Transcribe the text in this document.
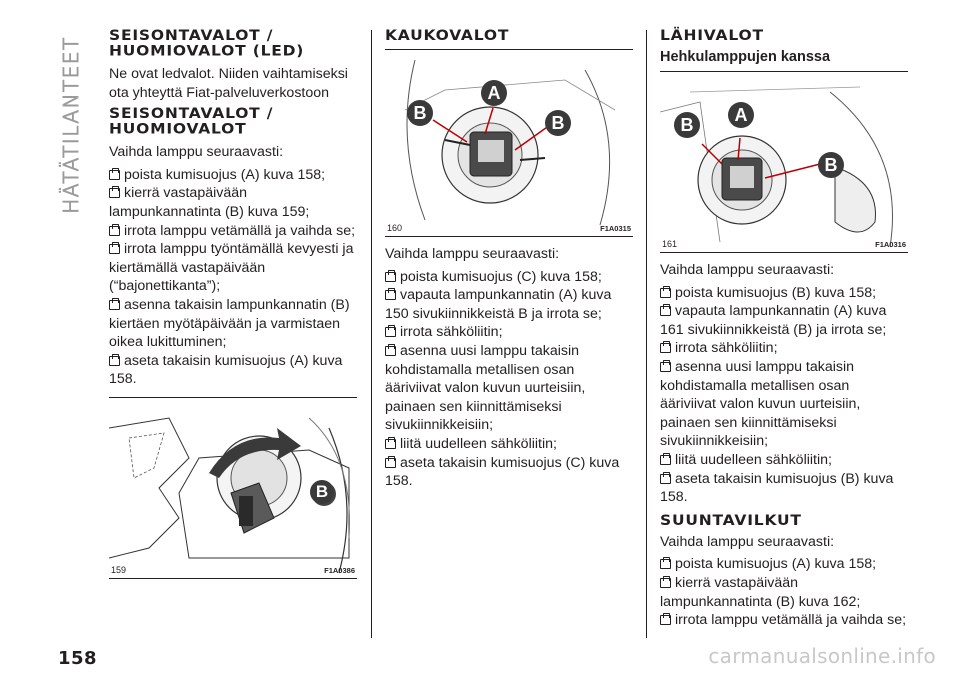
HÄTÄTILANTEET
SEISONTAVALOT / HUOMIOVALOT (LED)

Ne ovat ledvalot. Niiden vaihtamiseksi ota yhteyttä Fiat-palveluverkostoon

SEISONTAVALOT / HUOMIOVALOT

Vaihda lamppu seuraavasti:

poista kumisuojus (A) kuva 158;
kierrä vastapäivään lampunkannatinta (B) kuva 159;
irrota lamppu vetämällä ja vaihda se;
irrota lamppu työntämällä kevyesti ja kiertämällä vastapäivään (“bajonettikanta”);
asenna takaisin lampunkannatin (B) kiertäen myötäpäivään ja varmistaen oikea lukittuminen;
aseta takaisin kumisuojus (A) kuva 158.
B
159	F1A0386
KAUKOVALOT
A
B	B
160	F1A0315

Vaihda lamppu seuraavasti:

poista kumisuojus (C) kuva 158;
vapauta lampunkannatin (A) kuva 150 sivukiinnikkeistä B ja irrota se;
irrota sähköliitin;
asenna uusi lamppu takaisin kohdistamalla metallisen osan ääriviivat valon kuvun uurteisiin, painaen sen kiinnittämiseksi sivukiinnikkeisiin;
liitä uudelleen sähköliitin;
aseta takaisin kumisuojus (C) kuva 158.
LÄHIVALOT
Hehkulamppujen kanssa
B	A
B
161	F1A0316

Vaihda lamppu seuraavasti:

poista kumisuojus (B) kuva 158;
vapauta lampunkannatin (A) kuva 161 sivukiinnikkeistä (B) ja irrota se;
irrota sähköliitin;
asenna uusi lamppu takaisin kohdistamalla metallisen osan ääriviivat valon kuvun uurteisiin, painaen sen kiinnittämiseksi sivukiinnikkeisiin;
liitä uudelleen sähköliitin;
aseta takaisin kumisuojus (B) kuva 158.
SUUNTAVILKUT

Vaihda lamppu seuraavasti:

poista kumisuojus (A) kuva 158;
kierrä vastapäivään lampunkannatinta (B) kuva 162;
irrota lamppu vetämällä ja vaihda se;
158	carmanualsonline.info
